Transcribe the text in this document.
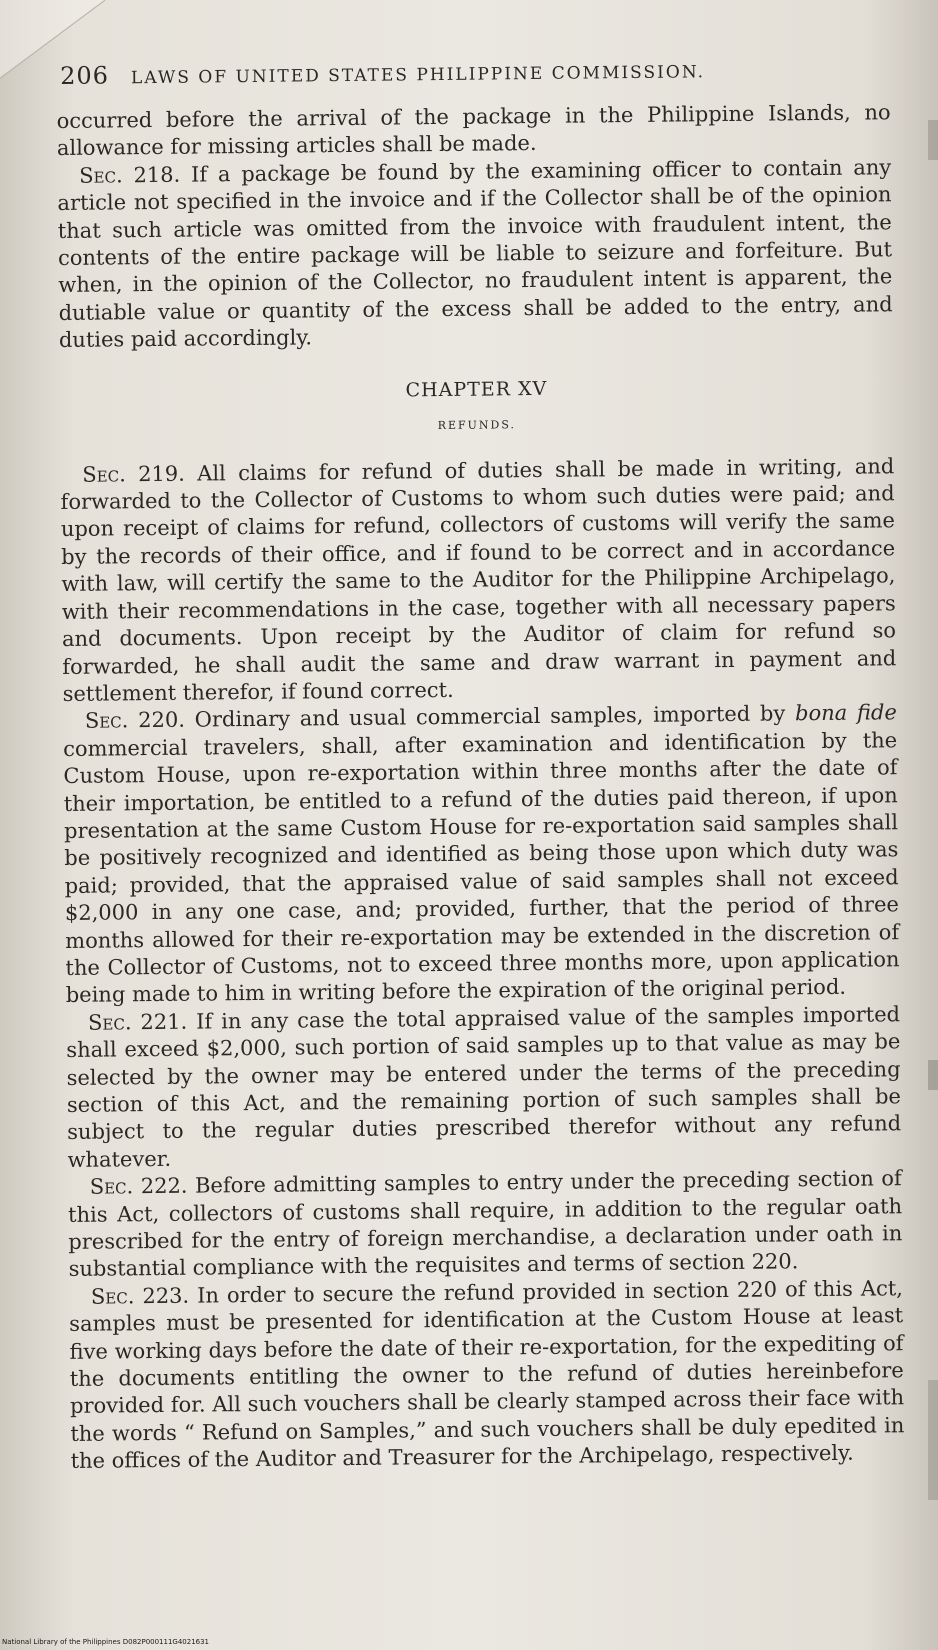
206 LAWS OF UNITED STATES PHILIPPINE COMMISSION.

occurred before the arrival of the package in the Philippine Islands, no allowance for missing articles shall be made.

Sec. 218. If a package be found by the examining officer to contain any article not specified in the invoice and if the Collector shall be of the opinion that such article was omitted from the invoice with fraudulent intent, the contents of the entire package will be liable to seizure and forfeiture. But when, in the opinion of the Collector, no fraudulent intent is apparent, the dutiable value or quantity of the excess shall be added to the entry, and duties paid accordingly.

CHAPTER XV
REFUNDS.

Sec. 219. All claims for refund of duties shall be made in writing, and forwarded to the Collector of Customs to whom such duties were paid; and upon receipt of claims for refund, collectors of customs will verify the same by the records of their office, and if found to be correct and in accordance with law, will certify the same to the Auditor for the Philippine Archipelago, with their recommendations in the case, together with all necessary papers and documents. Upon receipt by the Auditor of claim for refund so forwarded, he shall audit the same and draw warrant in payment and settlement therefor, if found correct.

Sec. 220. Ordinary and usual commercial samples, imported by bona fide commercial travelers, shall, after examination and identification by the Custom House, upon re-exportation within three months after the date of their importation, be entitled to a refund of the duties paid thereon, if upon presentation at the same Custom House for re-exportation said samples shall be positively recognized and identified as being those upon which duty was paid; provided, that the appraised value of said samples shall not exceed $2,000 in any one case, and; provided, further, that the period of three months allowed for their re-exportation may be extended in the discretion of the Collector of Customs, not to exceed three months more, upon application being made to him in writing before the expiration of the original period.

Sec. 221. If in any case the total appraised value of the samples imported shall exceed $2,000, such portion of said samples up to that value as may be selected by the owner may be entered under the terms of the preceding section of this Act, and the remaining portion of such samples shall be subject to the regular duties prescribed therefor without any refund whatever.

Sec. 222. Before admitting samples to entry under the preceding section of this Act, collectors of customs shall require, in addition to the regular oath prescribed for the entry of foreign merchandise, a declaration under oath in substantial compliance with the requisites and terms of section 220.

Sec. 223. In order to secure the refund provided in section 220 of this Act, samples must be presented for identification at the Custom House at least five working days before the date of their re-exportation, for the expediting of the documents entitling the owner to the refund of duties hereinbefore provided for. All such vouchers shall be clearly stamped across their face with the words “ Refund on Samples,” and such vouchers shall be duly epedited in the offices of the Auditor and Treasurer for the Archipelago, respectively.

National Library of the Philippines D082P000111G4021631
